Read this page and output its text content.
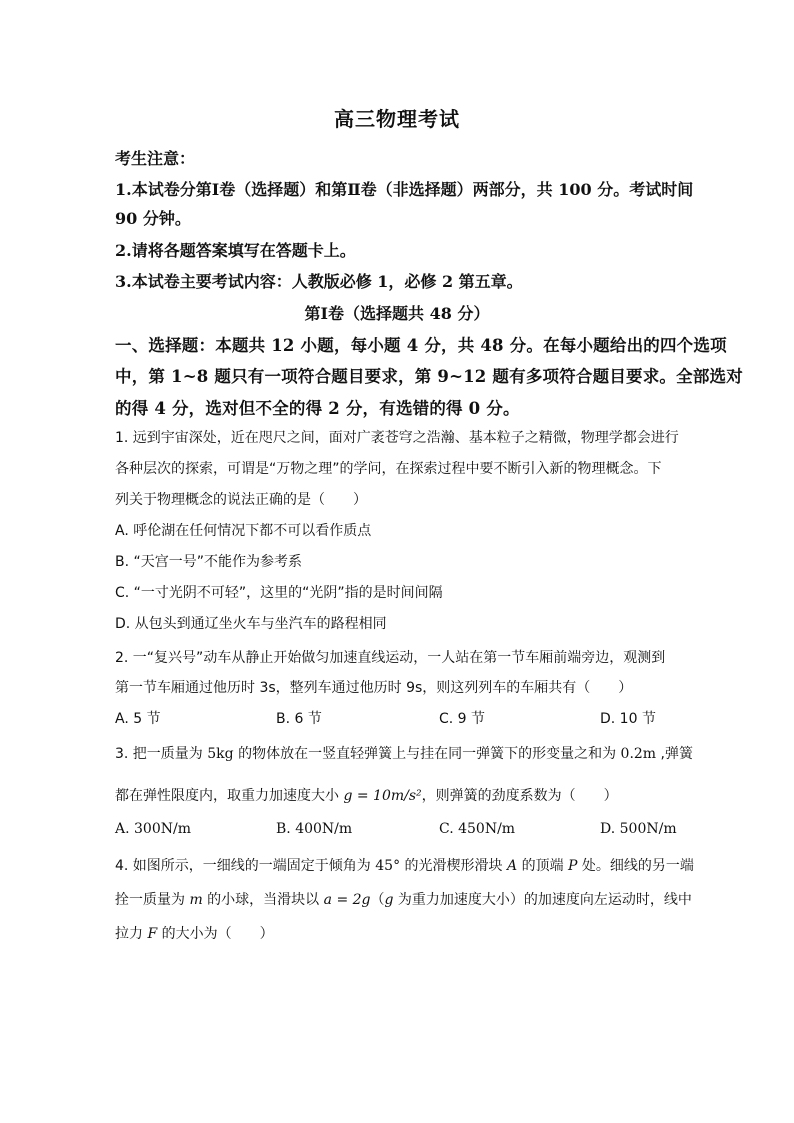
高三物理考试
考生注意：
1.本试卷分第Ⅰ卷（选择题）和第Ⅱ卷（非选择题）两部分，共 100 分。考试时间
90 分钟。
2.请将各题答案填写在答题卡上。
3.本试卷主要考试内容：人教版必修 1，必修 2 第五章。
第Ⅰ卷（选择题共 48 分）
一、选择题：本题共 12 小题，每小题 4 分，共 48 分。在每小题给出的四个选项
中，第 1~8 题只有一项符合题目要求，第 9~12 题有多项符合题目要求。全部选对
的得 4 分，选对但不全的得 2 分，有选错的得 0 分。
1. 远到宇宙深处，近在咫尺之间，面对广袤苍穹之浩瀚、基本粒子之精微，物理学都会进行
各种层次的探索，可谓是“万物之理”的学问，在探索过程中要不断引入新的物理概念。下
列关于物理概念的说法正确的是（　　）
A. 呼伦湖在任何情况下都不可以看作质点
B. “天宫一号”不能作为参考系
C. “一寸光阴不可轻”，这里的“光阴”指的是时间间隔
D. 从包头到通辽坐火车与坐汽车的路程相同
2. 一“复兴号”动车从静止开始做匀加速直线运动，一人站在第一节车厢前端旁边，观测到
第一节车厢通过他历时 3s，整列车通过他历时 9s，则这列列车的车厢共有（　　）
A. 5 节	B. 6 节	C. 9 节	D. 10 节
3. 把一质量为 5kg 的物体放在一竖直轻弹簧上与挂在同一弹簧下的形变量之和为 0.2m ,弹簧
都在弹性限度内，取重力加速度大小 g = 10m/s²，则弹簧的劲度系数为（　　）
A. 300N/m	B. 400N/m	C. 450N/m	D. 500N/m
4. 如图所示，一细线的一端固定于倾角为 45° 的光滑楔形滑块 A 的顶端 P 处。细线的另一端
拴一质量为 m 的小球，当滑块以 a = 2g（g 为重力加速度大小）的加速度向左运动时，线中
拉力 F 的大小为（　　）
